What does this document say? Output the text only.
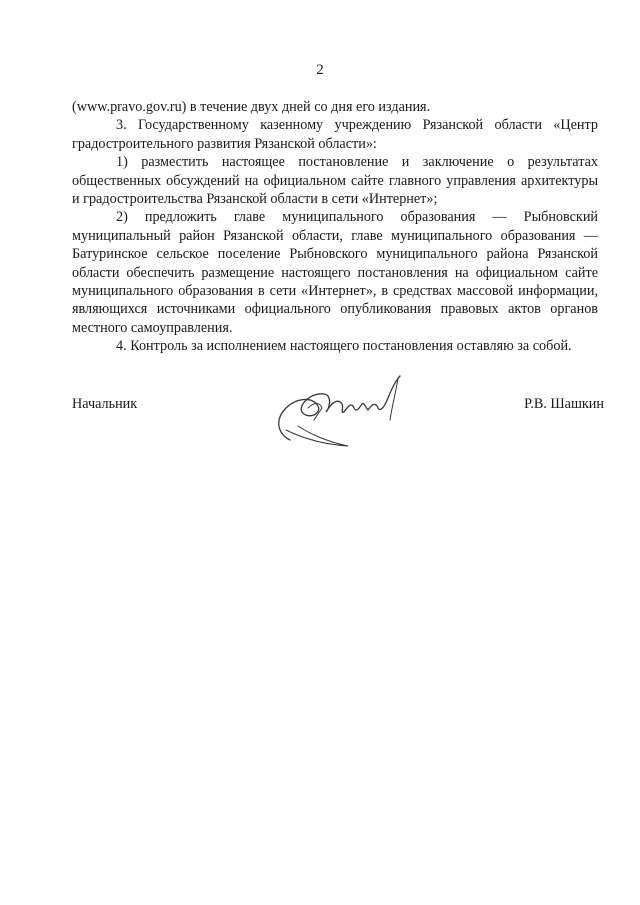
2

(www.pravo.gov.ru) в течение двух дней со дня его издания.

3. Государственному казенному учреждению Рязанской области «Центр градостроительного развития Рязанской области»:

1) разместить настоящее постановление и заключение о результатах общественных обсуждений на официальном сайте главного управления архитектуры и градостроительства Рязанской области в сети «Интернет»;

2) предложить главе муниципального образования — Рыбновский муниципальный район Рязанской области, главе муниципального образования — Батуринское сельское поселение Рыбновского муниципального района Рязанской области обеспечить размещение настоящего постановления на официальном сайте муниципального образования в сети «Интернет», в средствах массовой информации, являющихся источниками официального опубликования правовых актов органов местного самоуправления.

4. Контроль за исполнением настоящего постановления оставляю за собой.

Начальник	Р.В. Шашкин
